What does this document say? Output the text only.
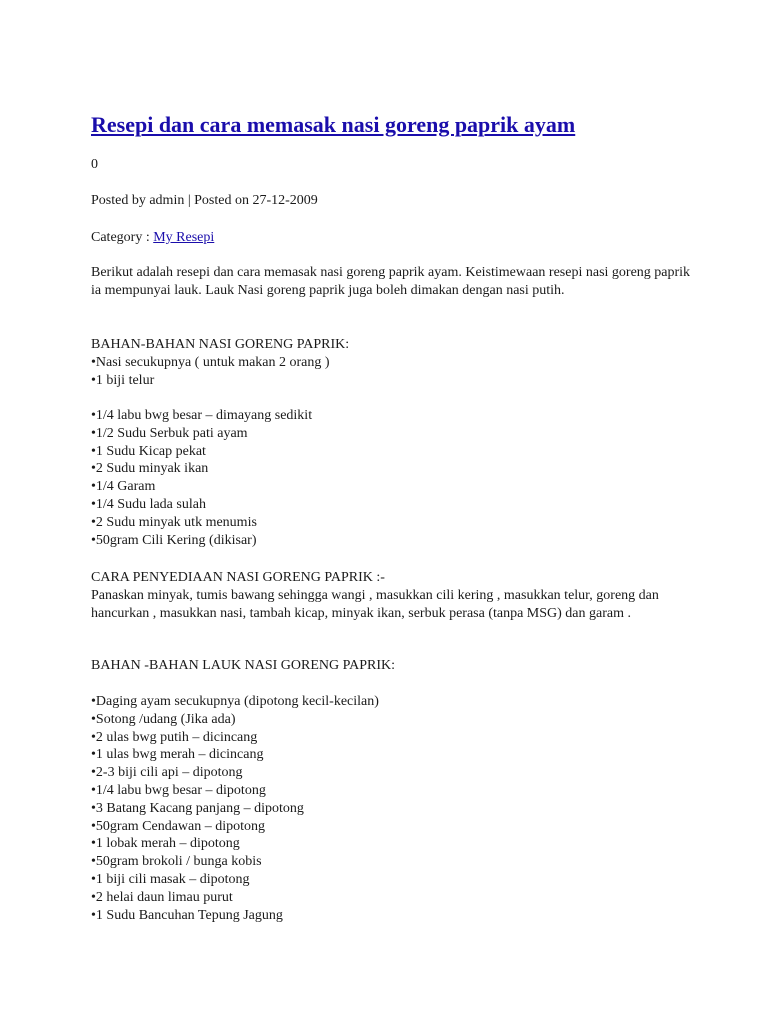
Resepi dan cara memasak nasi goreng paprik ayam
0
Posted by admin | Posted on 27-12-2009
Category : My Resepi

Berikut adalah resepi dan cara memasak nasi goreng paprik ayam. Keistimewaan resepi nasi goreng paprik ia mempunyai lauk. Lauk Nasi goreng paprik juga boleh dimakan dengan nasi putih.

BAHAN-BAHAN NASI GORENG PAPRIK:
•Nasi secukupnya ( untuk makan 2 orang )
•1 biji telur
•1/4 labu bwg besar – dimayang sedikit
•1/2 Sudu Serbuk pati ayam
•1 Sudu Kicap pekat
•2 Sudu minyak ikan
•1/4 Garam
•1/4 Sudu lada sulah
•2 Sudu minyak utk menumis
•50gram Cili Kering (dikisar)
CARA PENYEDIAAN NASI GORENG PAPRIK :-

Panaskan minyak, tumis bawang sehingga wangi , masukkan cili kering , masukkan telur, goreng dan hancurkan , masukkan nasi, tambah kicap, minyak ikan, serbuk perasa (tanpa MSG) dan garam .

BAHAN -BAHAN LAUK NASI GORENG PAPRIK:
•Daging ayam secukupnya (dipotong kecil-kecilan)
•Sotong /udang (Jika ada)
•2 ulas bwg putih – dicincang
•1 ulas bwg merah – dicincang
•2-3 biji cili api – dipotong
•1/4 labu bwg besar – dipotong
•3 Batang Kacang panjang – dipotong
•50gram Cendawan – dipotong
•1 lobak merah – dipotong
•50gram brokoli / bunga kobis
•1 biji cili masak – dipotong
•2 helai daun limau purut
•1 Sudu Bancuhan Tepung Jagung
